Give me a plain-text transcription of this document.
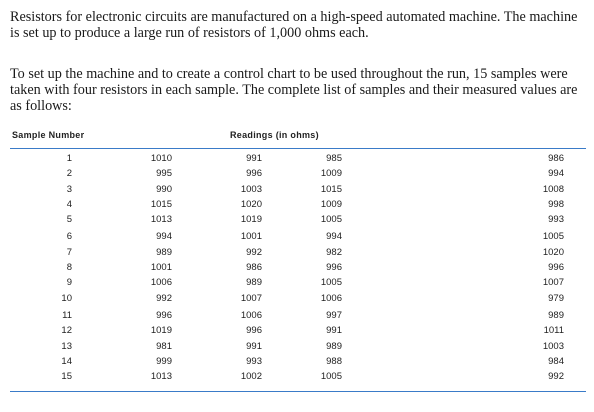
Resistors for electronic circuits are manufactured on a high-speed automated machine. The machine is set up to produce a large run of resistors of 1,000 ohms each.

To set up the machine and to create a control chart to be used throughout the run, 15 samples were taken with four resistors in each sample. The complete list of samples and their measured values are as follows:

Sample Number	Readings (in ohms)
1	1010	991	985	986
2	995	996	1009	994
3	990	1003	1015	1008
4	1015	1020	1009	998
5	1013	1019	1005	993
6	994	1001	994	1005
7	989	992	982	1020
8	1001	986	996	996
9	1006	989	1005	1007
10	992	1007	1006	979
11	996	1006	997	989
12	1019	996	991	1011
13	981	991	989	1003
14	999	993	988	984
15	1013	1002	1005	992
